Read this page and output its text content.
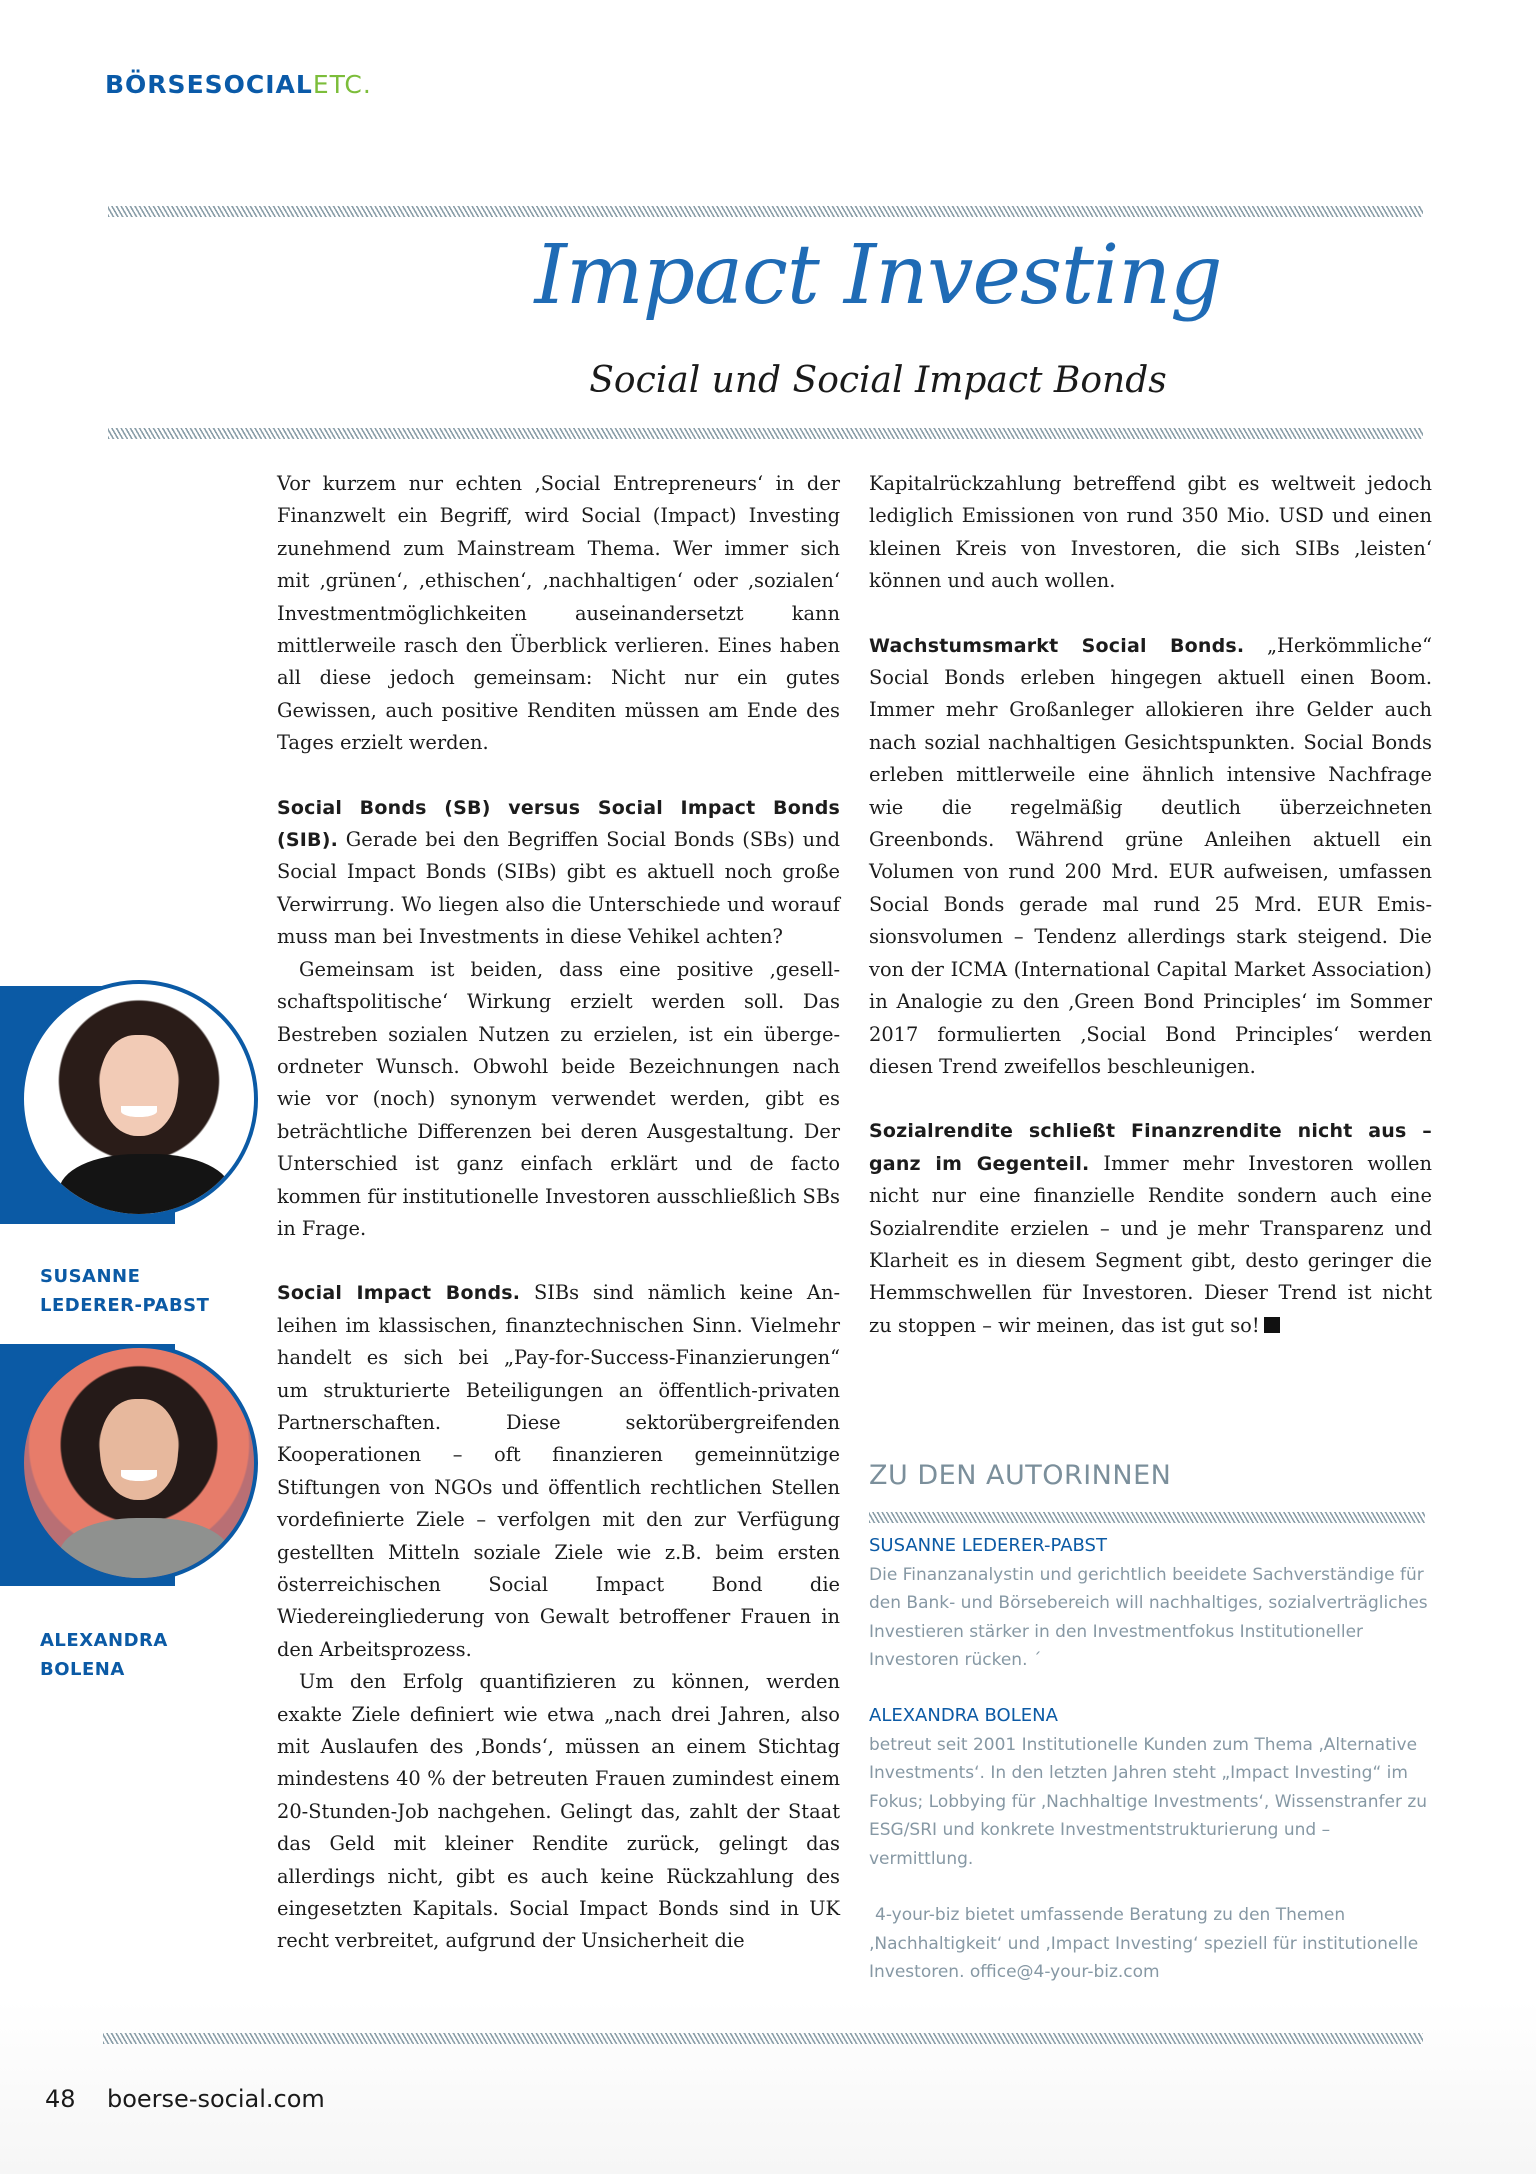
BÖRSESOCIALETC.
Impact Investing
Social und Social Impact Bonds

Vor kurzem nur echten ‚Social Entrepreneurs‘ in der Finanzwelt ein Begriff, wird Social (Impact) Investing zunehmend zum Mainstream Thema. Wer immer sich mit ‚grünen‘, ‚ethischen‘, ‚nachhaltigen‘ oder ‚sozialen‘ Investmentmöglichkeiten auseinandersetzt kann mittlerweile rasch den Überblick verlieren. Eines haben all diese jedoch gemeinsam: Nicht nur ein gutes Gewissen, auch positive Renditen müssen am Ende des Tages erzielt werden.

Social Bonds (SB) versus Social Impact Bonds (SIB). Gerade bei den Begriffen Social Bonds (SBs) und Social Impact Bonds (SIBs) gibt es aktuell noch große Verwirrung. Wo liegen also die Unterschiede und worauf muss man bei Investments in diese Vehikel achten?

Gemeinsam ist beiden, dass eine positive ‚gesellschaftspolitische‘ Wirkung erzielt werden soll. Das Bestreben sozialen Nutzen zu erzielen, ist ein übergeordneter Wunsch. Obwohl beide Bezeichnungen nach wie vor (noch) synonym verwendet werden, gibt es beträchtliche Differenzen bei deren Ausgestaltung. Der Unterschied ist ganz einfach erklärt und de facto kommen für institutionelle Investoren ausschließlich SBs in Frage.

Social Impact Bonds. SIBs sind nämlich keine Anleihen im klassischen, finanztechnischen Sinn. Vielmehr handelt es sich bei „Pay-for-Success-Finanzierungen“ um strukturierte Beteiligungen an öffentlich-privaten Partnerschaften. Diese sektorübergreifenden Kooperationen – oft finanzieren gemeinnützige Stiftungen von NGOs und öffentlich rechtlichen Stellen vordefinierte Ziele – verfolgen mit den zur Verfügung gestellten Mitteln soziale Ziele wie z.B. beim ersten österreichischen Social Impact Bond die Wiedereingliederung von Gewalt betroffener Frauen in den Arbeitsprozess.

Um den Erfolg quantifizieren zu können, werden exakte Ziele definiert wie etwa „nach drei Jahren, also mit Auslaufen des ‚Bonds‘, müssen an einem Stichtag mindestens 40 % der betreuten Frauen zumindest einem 20-Stunden-Job nachgehen. Gelingt das, zahlt der Staat das Geld mit kleiner Rendite zurück, gelingt das allerdings nicht, gibt es auch keine Rückzahlung des eingesetzten Kapitals. Social Impact Bonds sind in UK recht verbreitet, aufgrund der Unsicherheit die

Kapitalrückzahlung betreffend gibt es weltweit jedoch lediglich Emissionen von rund 350 Mio. USD und einen kleinen Kreis von Investoren, die sich SIBs ‚leisten‘ können und auch wollen.

Wachstumsmarkt Social Bonds. „Herkömmliche“ Social Bonds erleben hingegen aktuell einen Boom. Immer mehr Großanleger allokieren ihre Gelder auch nach sozial nachhaltigen Gesichtspunkten. Social Bonds erleben mittlerweile eine ähnlich intensive Nachfrage wie die regelmäßig deutlich überzeichneten Greenbonds. Während grüne Anleihen aktuell ein Volumen von rund 200 Mrd. EUR aufweisen, umfassen Social Bonds gerade mal rund 25 Mrd. EUR Emissionsvolumen – Tendenz allerdings stark steigend. Die von der ICMA (International Capital Market Association) in Analogie zu den ‚Green Bond Principles‘ im Sommer 2017 formulierten ‚Social Bond Principles‘ werden diesen Trend zweifellos beschleunigen.

Sozialrendite schließt Finanzrendite nicht aus – ganz im Gegenteil. Immer mehr Investoren wollen nicht nur eine finanzielle Rendite sondern auch eine Sozialrendite erzielen – und je mehr Transparenz und Klarheit es in diesem Segment gibt, desto geringer die Hemmschwellen für Investoren. Dieser Trend ist nicht zu stoppen – wir meinen, das ist gut so!

SUSANNE
LEDERER-PABST
ALEXANDRA
BOLENA
ZU DEN AUTORINNEN

SUSANNE LEDERER-PABST

Die Finanzanalystin und gerichtlich beeidete Sachverständige für den Bank- und Börsebereich will nachhaltiges, sozialverträgliches Investieren stärker in den Investmentfokus Institutioneller Investoren rücken. ´

ALEXANDRA BOLENA

betreut seit 2001 Institutionelle Kunden zum Thema ‚Alternative Investments‘. In den letzten Jahren steht „Impact Investing“ im Fokus; Lobbying für ‚Nachhaltige Investments‘, Wissenstranfer zu ESG/SRI und konkrete Investmentstrukturierung und –vermittlung.

4-your-biz bietet umfassende Beratung zu den Themen ‚Nachhaltigkeit‘ und ‚Impact Investing‘ speziell für institutionelle Investoren. office@4-your-biz.com

48 boerse-social.com
